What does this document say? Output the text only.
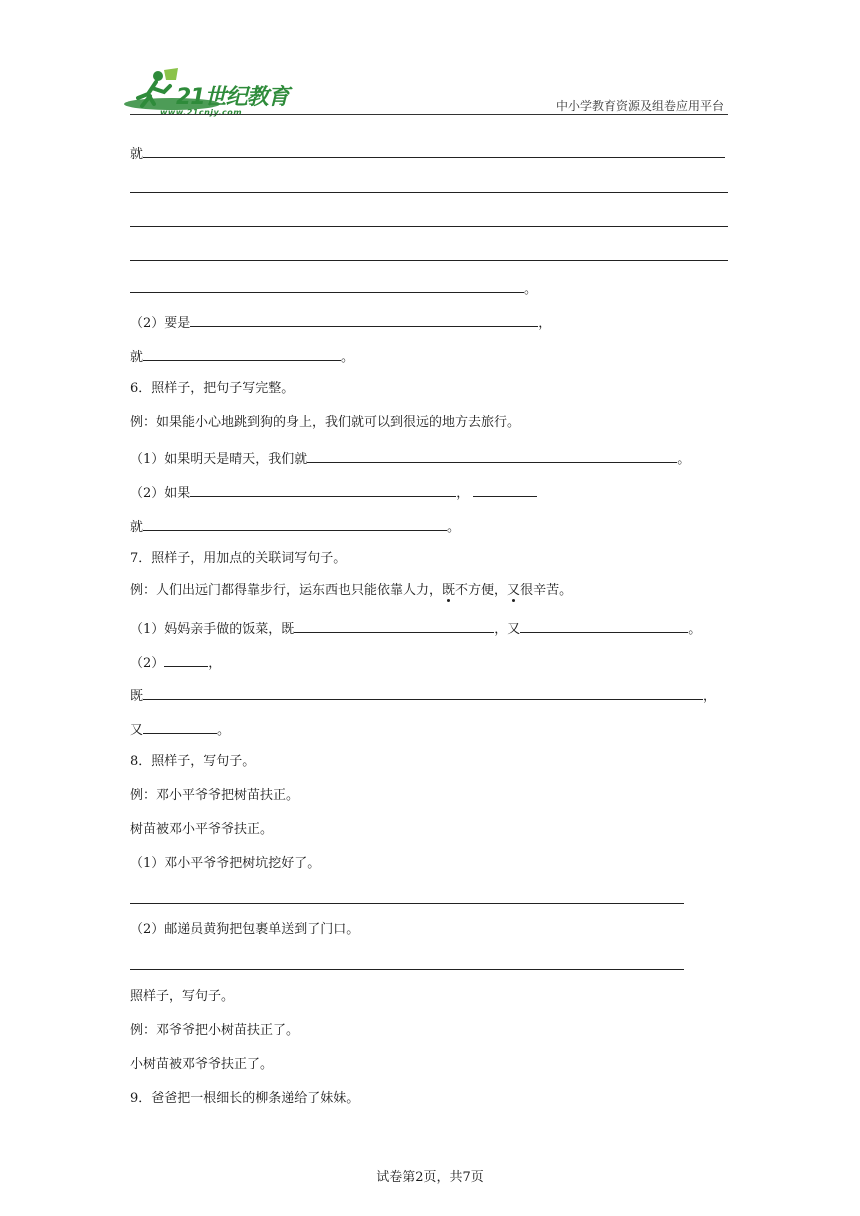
21世纪教育
www.21cnjy.com	中小学教育资源及组卷应用平台
就
。
（2）要是	，
就	。
6．照样子，把句子写完整。
例：如果能小心地跳到狗的身上，我们就可以到很远的地方去旅行。
（1）如果明天是晴天，我们就	。
（2）如果	，
就	。
7．照样子，用加点的关联词写句子。
例：人们出远门都得靠步行，运东西也只能依靠人力，既不方便，又很辛苦。
（1）妈妈亲手做的饭菜，既	，又	。
（2）	，
既	，
又	。
8．照样子，写句子。
例：邓小平爷爷把树苗扶正。
树苗被邓小平爷爷扶正。
（1）邓小平爷爷把树坑挖好了。
（2）邮递员黄狗把包裹单送到了门口。
照样子，写句子。
例：邓爷爷把小树苗扶正了。
小树苗被邓爷爷扶正了。
9．爸爸把一根细长的柳条递给了妹妹。
试卷第2页，共7页
